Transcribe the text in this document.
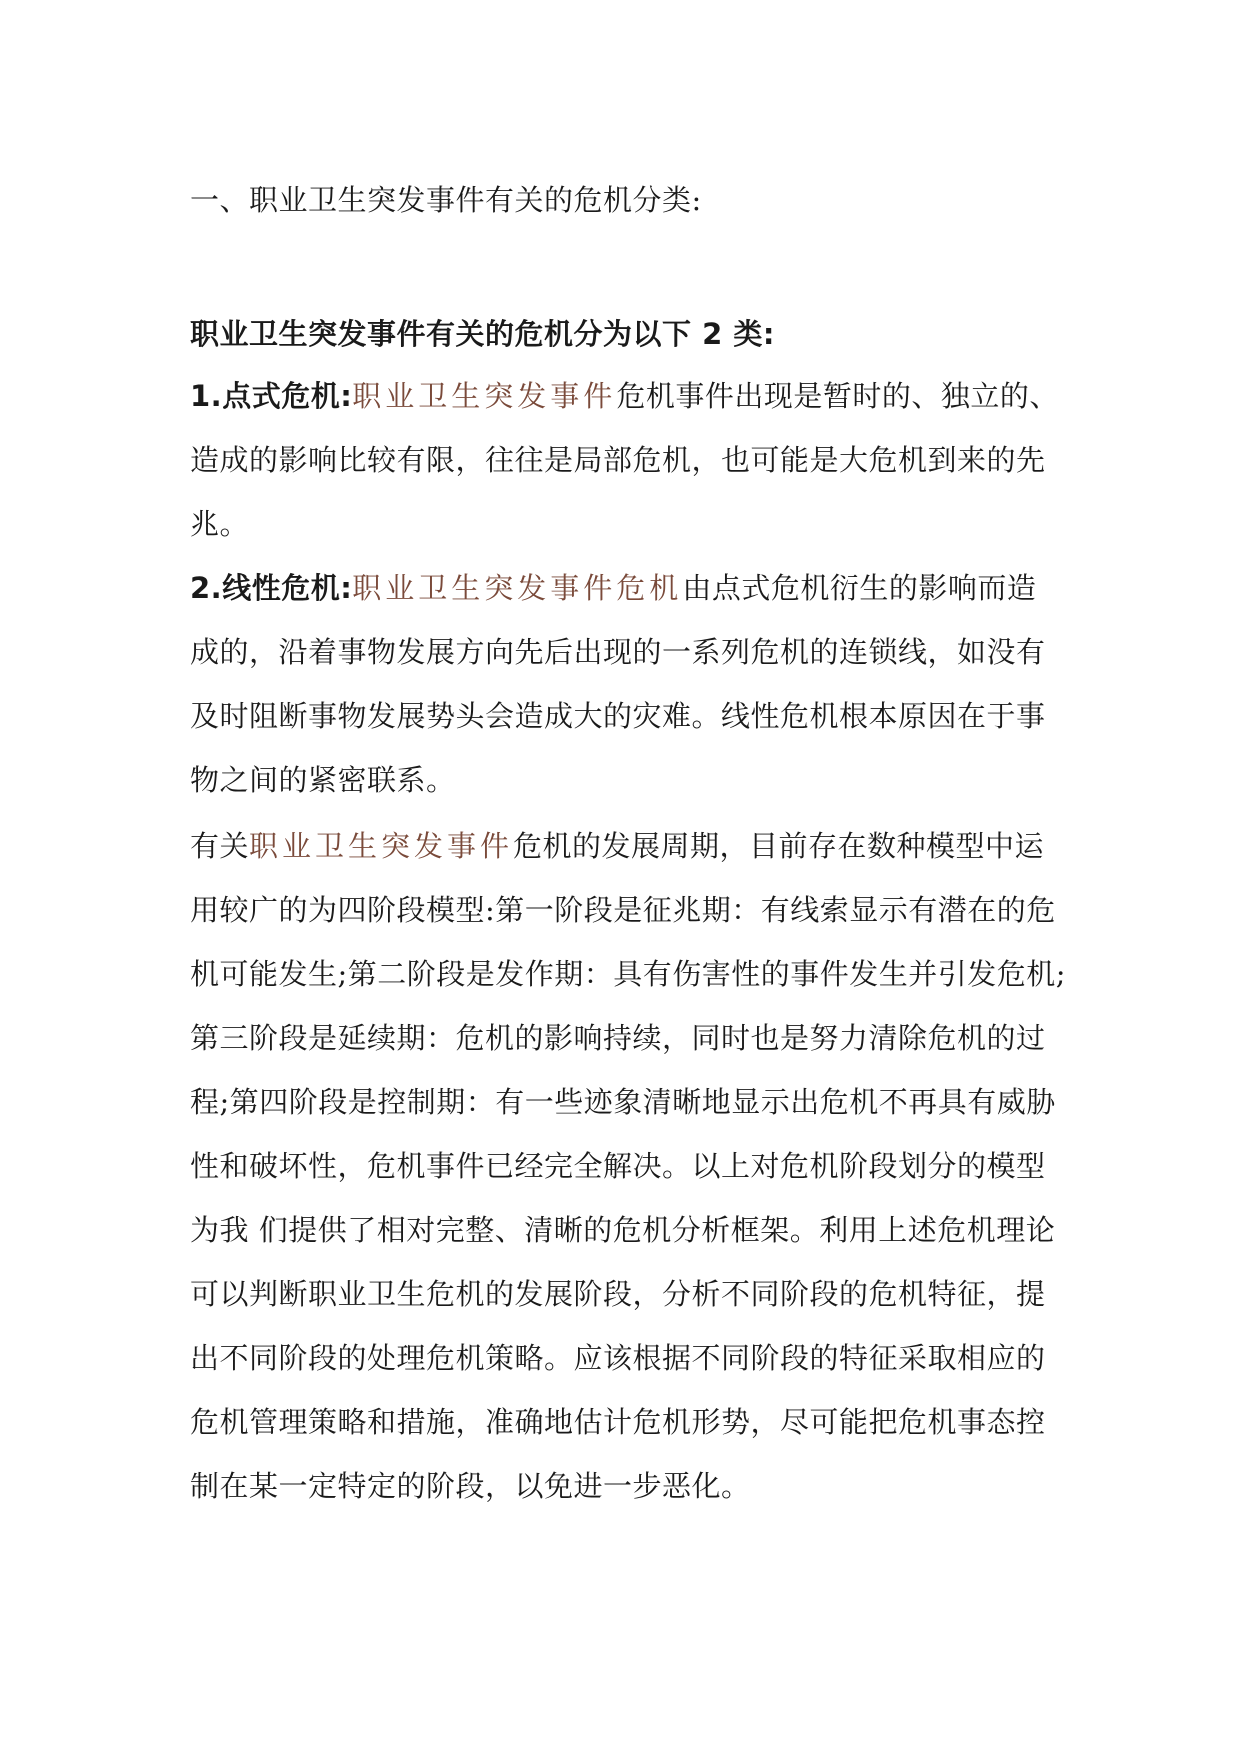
一、职业卫生突发事件有关的危机分类:
职业卫生突发事件有关的危机分为以下 2 类:
1.点式危机:职业卫生突发事件危机事件出现是暂时的、独立的、
造成的影响比较有限，往往是局部危机，也可能是大危机到来的先
兆。
2.线性危机:职业卫生突发事件危机由点式危机衍生的影响而造
成的，沿着事物发展方向先后出现的一系列危机的连锁线，如没有
及时阻断事物发展势头会造成大的灾难。线性危机根本原因在于事
物之间的紧密联系。
有关职业卫生突发事件危机的发展周期，目前存在数种模型中运
用较广的为四阶段模型:第一阶段是征兆期：有线索显示有潜在的危
机可能发生;第二阶段是发作期：具有伤害性的事件发生并引发危机;
第三阶段是延续期：危机的影响持续，同时也是努力清除危机的过
程;第四阶段是控制期：有一些迹象清晰地显示出危机不再具有威胁
性和破坏性，危机事件已经完全解决。以上对危机阶段划分的模型
为我 们提供了相对完整、清晰的危机分析框架。利用上述危机理论
可以判断职业卫生危机的发展阶段，分析不同阶段的危机特征，提
出不同阶段的处理危机策略。应该根据不同阶段的特征采取相应的
危机管理策略和措施，准确地估计危机形势，尽可能把危机事态控
制在某一定特定的阶段，以免进一步恶化。
